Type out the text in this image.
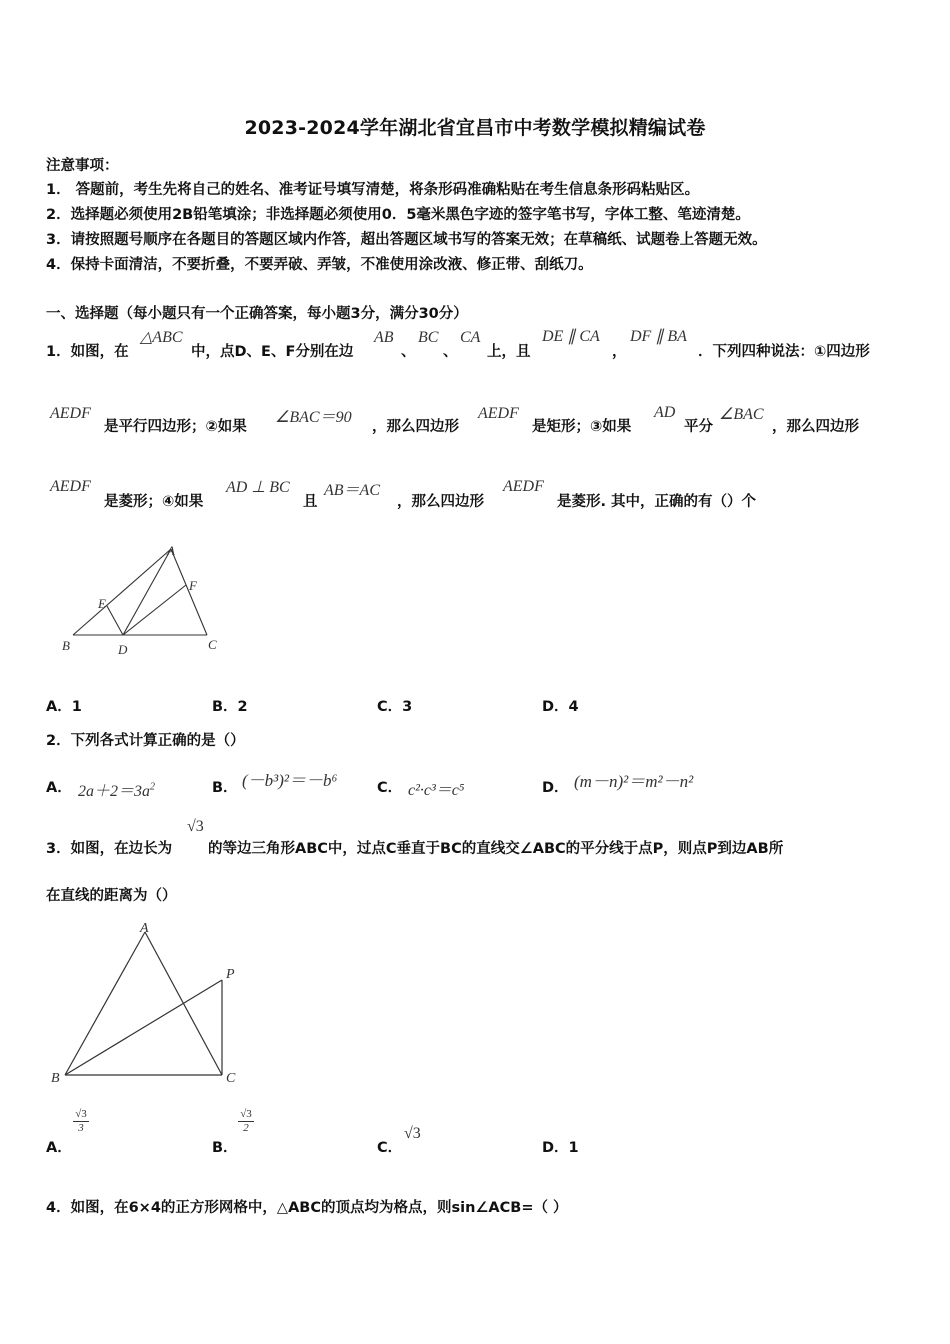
2023-2024学年湖北省宜昌市中考数学模拟精编试卷
注意事项：
1． 答题前，考生先将自己的姓名、准考证号填写清楚，将条形码准确粘贴在考生信息条形码粘贴区。
2．选择题必须使用2B铅笔填涂；非选择题必须使用0．5毫米黑色字迹的签字笔书写，字体工整、笔迹清楚。
3．请按照题号顺序在各题目的答题区域内作答，超出答题区域书写的答案无效；在草稿纸、试题卷上答题无效。
4．保持卡面清洁，不要折叠，不要弄破、弄皱，不准使用涂改液、修正带、刮纸刀。
一、选择题（每小题只有一个正确答案，每小题3分，满分30分）
1．如图，在
△ABC
中，点D、E、F分别在边
AB
、
BC
、
CA
上，且
DE ∥ CA
，
DF ∥ BA
．下列四种说法：①四边形
AEDF
是平行四边形；②如果
∠BAC＝90
，那么四边形
AEDF
是矩形；③如果
AD
平分
∠BAC
，那么四边形
AEDF
是菱形；④如果
AD ⊥ BC
且
AB＝AC
，那么四边形
AEDF
是菱形. 其中，正确的有（）个
A
B	C
D
E
F
A．1	B．2	C．3	D．4
2．下列各式计算正确的是（）
A． $2a+2=3a^2$	B． (－b³)²＝－b⁶	C． c²·c³＝c⁵	D． (m－n)²＝m²－n²
3．如图，在边长为
√3
的等边三角形ABC中，过点C垂直于BC的直线交∠ABC的平分线于点P，则点P到边AB所
在直线的距离为（）
A
B	C
P
A．
$\frac{√3}{3}$
B．
$\frac{√3}{2}$
C．
√3
D．1
4．如图，在6×4的正方形网格中，△ABC的顶点均为格点，则sin∠ACB=（ ）
